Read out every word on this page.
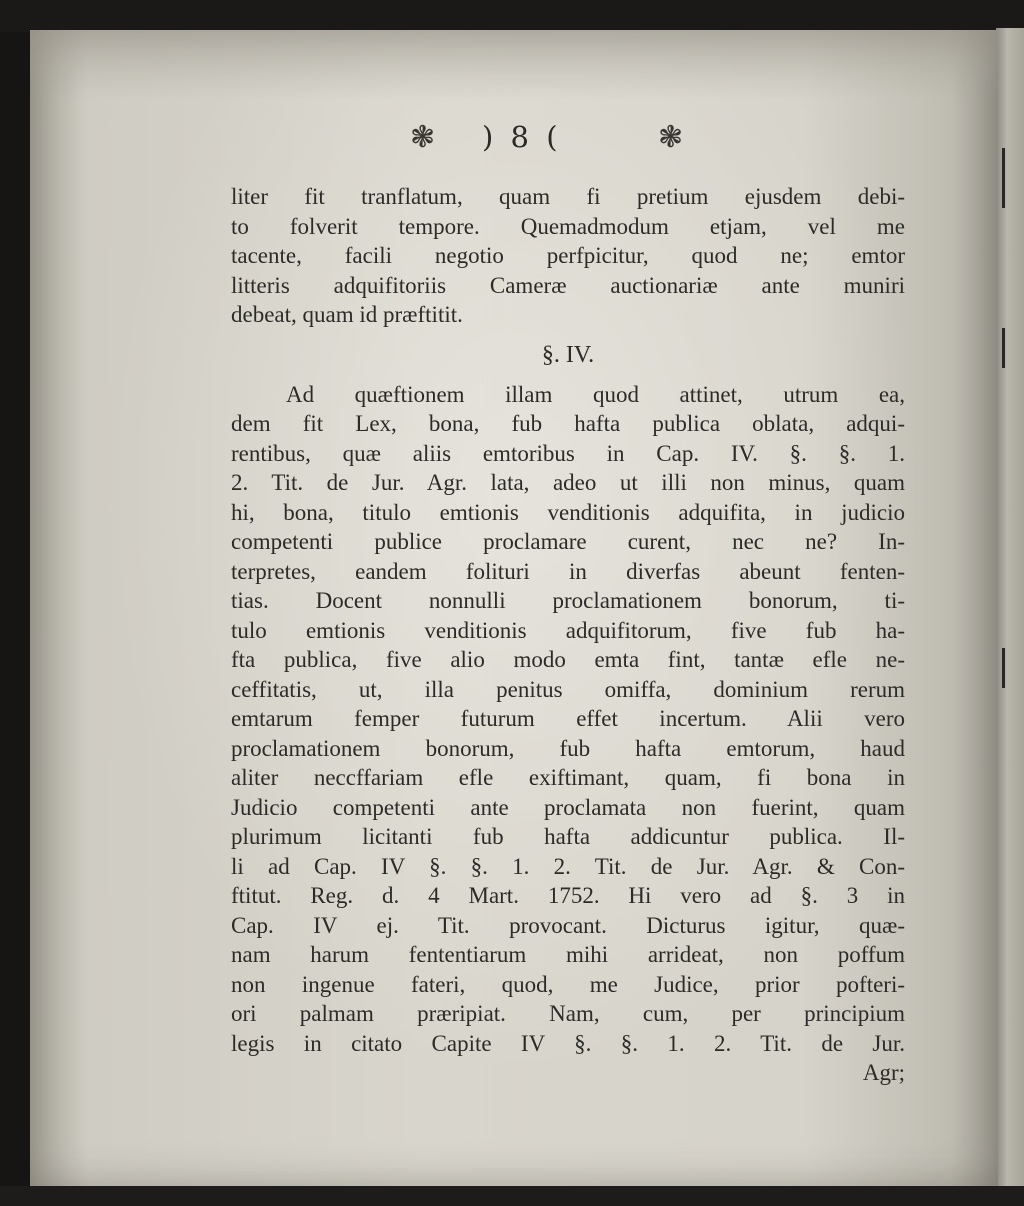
❃ ) 8 (	❃
liter fit tranflatum, quam fi pretium ejusdem debi-
to folverit tempore. Quemadmodum etjam, vel me
tacente, facili negotio perfpicitur, quod ne; emtor
litteris adquifitoriis Cameræ auctionariæ ante muniri
debeat, quam id præftitit.
§. IV.
Ad quæftionem illam quod attinet, utrum ea,
dem fit Lex, bona, fub hafta publica oblata, adqui-
rentibus, quæ aliis emtoribus in Cap. IV. §. §. 1.
2. Tit. de Jur. Agr. lata, adeo ut illi non minus, quam
hi, bona, titulo emtionis venditionis adquifita, in judicio
competenti publice proclamare curent, nec ne? In-
terpretes, eandem folituri in diverfas abeunt fenten-
tias. Docent nonnulli proclamationem bonorum, ti-
tulo emtionis venditionis adquifitorum, five fub ha-
fta publica, five alio modo emta fint, tantæ efle ne-
ceffitatis, ut, illa penitus omiffa, dominium rerum
emtarum femper futurum effet incertum. Alii vero
proclamationem bonorum, fub hafta emtorum, haud
aliter neccffariam efle exiftimant, quam, fi bona in
Judicio competenti ante proclamata non fuerint, quam
plurimum licitanti fub hafta addicuntur publica. Il-
li ad Cap. IV §. §. 1. 2. Tit. de Jur. Agr. & Con-
ftitut. Reg. d. 4 Mart. 1752. Hi vero ad §. 3 in
Cap. IV ej. Tit. provocant. Dicturus igitur, quæ-
nam harum fententiarum mihi arrideat, non poffum
non ingenue fateri, quod, me Judice, prior pofteri-
ori palmam præripiat. Nam, cum, per principium
legis in citato Capite IV §. §. 1. 2. Tit. de Jur.
Agr;
